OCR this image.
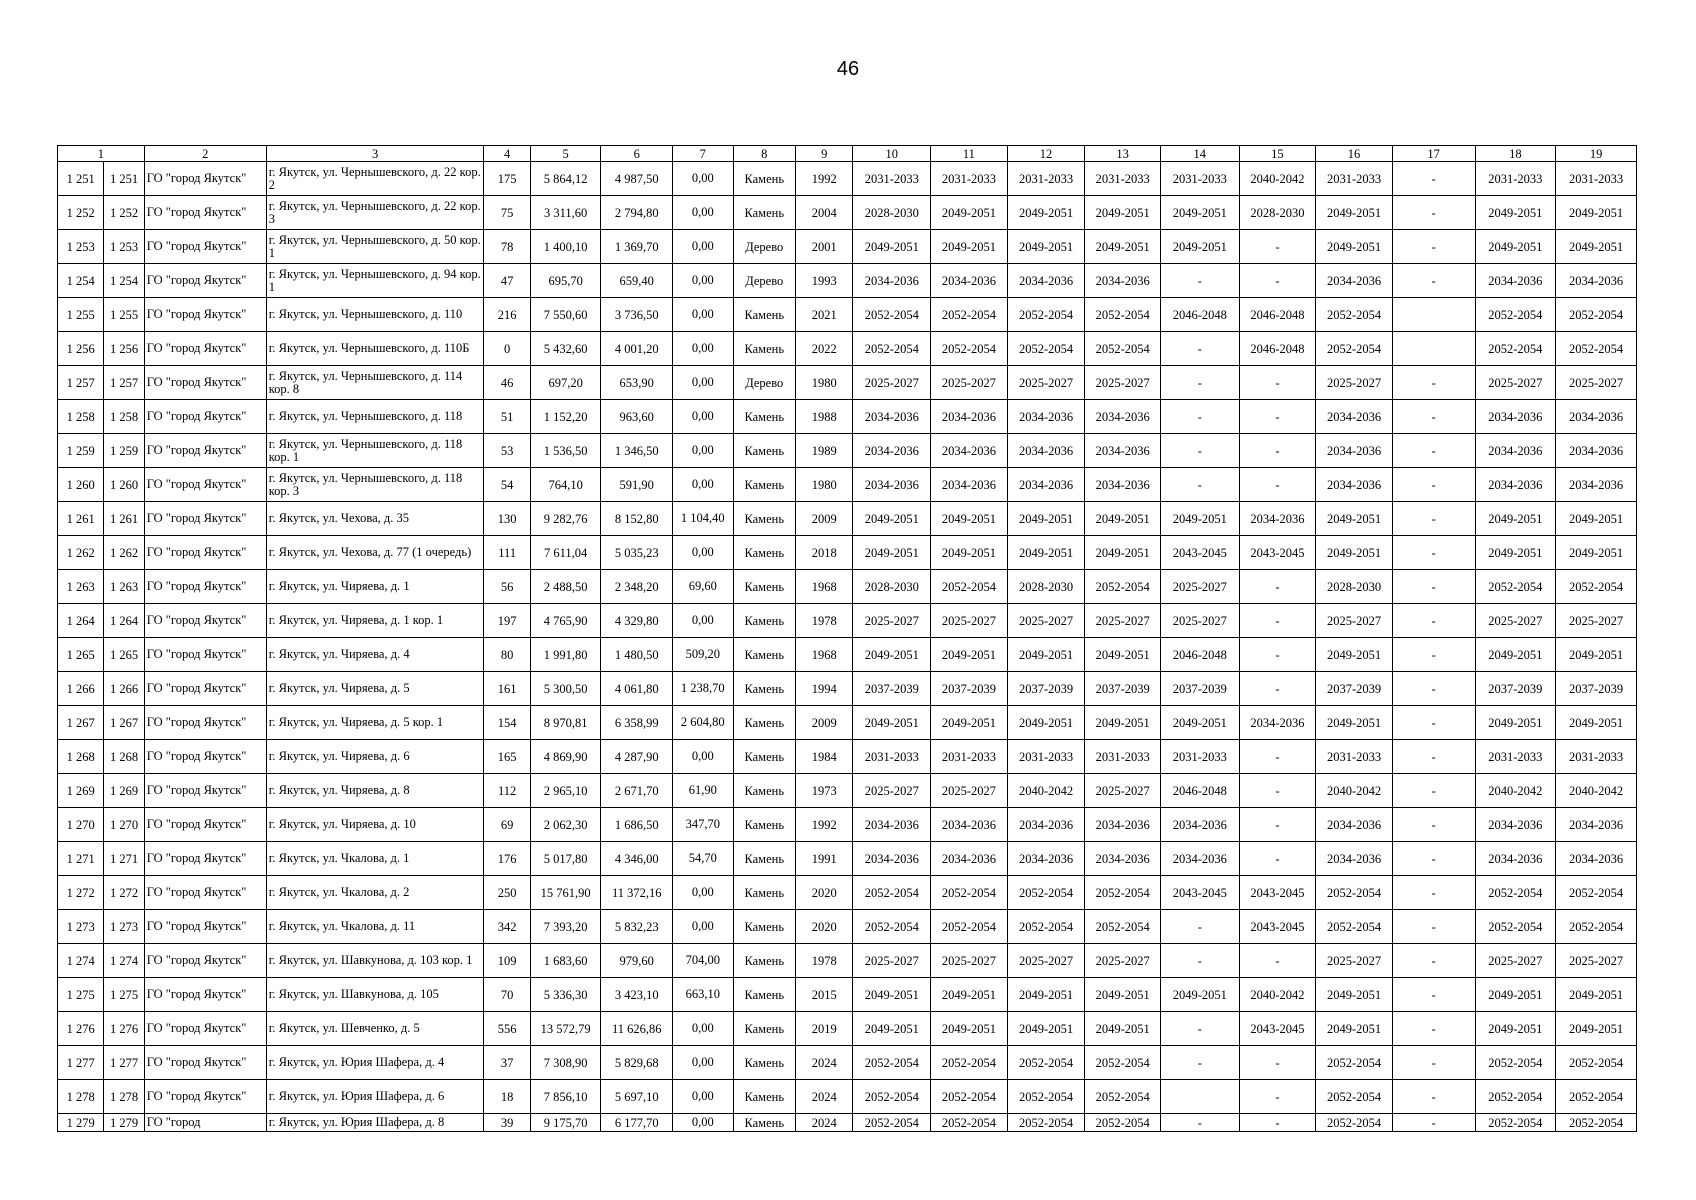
46
1		2	3	4	5	6	7	8	9	10	11	12	13	14	15	16	17	18	19
1 251	1 251	ГО "город Якутск"	г. Якутск, ул. Чернышевского, д. 22 кор. 2	175	5 864,12	4 987,50	0,00	Камень	1992	2031-2033	2031-2033	2031-2033	2031-2033	2031-2033	2040-2042	2031-2033	-	2031-2033	2031-2033
1 252	1 252	ГО "город Якутск"	г. Якутск, ул. Чернышевского, д. 22 кор. 3	75	3 311,60	2 794,80	0,00	Камень	2004	2028-2030	2049-2051	2049-2051	2049-2051	2049-2051	2028-2030	2049-2051	-	2049-2051	2049-2051
1 253	1 253	ГО "город Якутск"	г. Якутск, ул. Чернышевского, д. 50 кор. 1	78	1 400,10	1 369,70	0,00	Дерево	2001	2049-2051	2049-2051	2049-2051	2049-2051	2049-2051	-	2049-2051	-	2049-2051	2049-2051
1 254	1 254	ГО "город Якутск"	г. Якутск, ул. Чернышевского, д. 94 кор. 1	47	695,70	659,40	0,00	Дерево	1993	2034-2036	2034-2036	2034-2036	2034-2036	-	-	2034-2036	-	2034-2036	2034-2036
1 255	1 255	ГО "город Якутск"	г. Якутск, ул. Чернышевского, д. 110	216	7 550,60	3 736,50	0,00	Камень	2021	2052-2054	2052-2054	2052-2054	2052-2054	2046-2048	2046-2048	2052-2054		2052-2054	2052-2054
1 256	1 256	ГО "город Якутск"	г. Якутск, ул. Чернышевского, д. 110Б	0	5 432,60	4 001,20	0,00	Камень	2022	2052-2054	2052-2054	2052-2054	2052-2054	-	2046-2048	2052-2054		2052-2054	2052-2054
1 257	1 257	ГО "город Якутск"	г. Якутск, ул. Чернышевского, д. 114 кор. 8	46	697,20	653,90	0,00	Дерево	1980	2025-2027	2025-2027	2025-2027	2025-2027	-	-	2025-2027	-	2025-2027	2025-2027
1 258	1 258	ГО "город Якутск"	г. Якутск, ул. Чернышевского, д. 118	51	1 152,20	963,60	0,00	Камень	1988	2034-2036	2034-2036	2034-2036	2034-2036	-	-	2034-2036	-	2034-2036	2034-2036
1 259	1 259	ГО "город Якутск"	г. Якутск, ул. Чернышевского, д. 118 кор. 1	53	1 536,50	1 346,50	0,00	Камень	1989	2034-2036	2034-2036	2034-2036	2034-2036	-	-	2034-2036	-	2034-2036	2034-2036
1 260	1 260	ГО "город Якутск"	г. Якутск, ул. Чернышевского, д. 118 кор. 3	54	764,10	591,90	0,00	Камень	1980	2034-2036	2034-2036	2034-2036	2034-2036	-	-	2034-2036	-	2034-2036	2034-2036
1 261	1 261	ГО "город Якутск"	г. Якутск, ул. Чехова, д. 35	130	9 282,76	8 152,80	1 104,40	Камень	2009	2049-2051	2049-2051	2049-2051	2049-2051	2049-2051	2034-2036	2049-2051	-	2049-2051	2049-2051
1 262	1 262	ГО "город Якутск"	г. Якутск, ул. Чехова, д. 77 (1 очередь)	111	7 611,04	5 035,23	0,00	Камень	2018	2049-2051	2049-2051	2049-2051	2049-2051	2043-2045	2043-2045	2049-2051	-	2049-2051	2049-2051
1 263	1 263	ГО "город Якутск"	г. Якутск, ул. Чиряева, д. 1	56	2 488,50	2 348,20	69,60	Камень	1968	2028-2030	2052-2054	2028-2030	2052-2054	2025-2027	-	2028-2030	-	2052-2054	2052-2054
1 264	1 264	ГО "город Якутск"	г. Якутск, ул. Чиряева, д. 1 кор. 1	197	4 765,90	4 329,80	0,00	Камень	1978	2025-2027	2025-2027	2025-2027	2025-2027	2025-2027	-	2025-2027	-	2025-2027	2025-2027
1 265	1 265	ГО "город Якутск"	г. Якутск, ул. Чиряева, д. 4	80	1 991,80	1 480,50	509,20	Камень	1968	2049-2051	2049-2051	2049-2051	2049-2051	2046-2048	-	2049-2051	-	2049-2051	2049-2051
1 266	1 266	ГО "город Якутск"	г. Якутск, ул. Чиряева, д. 5	161	5 300,50	4 061,80	1 238,70	Камень	1994	2037-2039	2037-2039	2037-2039	2037-2039	2037-2039	-	2037-2039	-	2037-2039	2037-2039
1 267	1 267	ГО "город Якутск"	г. Якутск, ул. Чиряева, д. 5 кор. 1	154	8 970,81	6 358,99	2 604,80	Камень	2009	2049-2051	2049-2051	2049-2051	2049-2051	2049-2051	2034-2036	2049-2051	-	2049-2051	2049-2051
1 268	1 268	ГО "город Якутск"	г. Якутск, ул. Чиряева, д. 6	165	4 869,90	4 287,90	0,00	Камень	1984	2031-2033	2031-2033	2031-2033	2031-2033	2031-2033	-	2031-2033	-	2031-2033	2031-2033
1 269	1 269	ГО "город Якутск"	г. Якутск, ул. Чиряева, д. 8	112	2 965,10	2 671,70	61,90	Камень	1973	2025-2027	2025-2027	2040-2042	2025-2027	2046-2048	-	2040-2042	-	2040-2042	2040-2042
1 270	1 270	ГО "город Якутск"	г. Якутск, ул. Чиряева, д. 10	69	2 062,30	1 686,50	347,70	Камень	1992	2034-2036	2034-2036	2034-2036	2034-2036	2034-2036	-	2034-2036	-	2034-2036	2034-2036
1 271	1 271	ГО "город Якутск"	г. Якутск, ул. Чкалова, д. 1	176	5 017,80	4 346,00	54,70	Камень	1991	2034-2036	2034-2036	2034-2036	2034-2036	2034-2036	-	2034-2036	-	2034-2036	2034-2036
1 272	1 272	ГО "город Якутск"	г. Якутск, ул. Чкалова, д. 2	250	15 761,90	11 372,16	0,00	Камень	2020	2052-2054	2052-2054	2052-2054	2052-2054	2043-2045	2043-2045	2052-2054	-	2052-2054	2052-2054
1 273	1 273	ГО "город Якутск"	г. Якутск, ул. Чкалова, д. 11	342	7 393,20	5 832,23	0,00	Камень	2020	2052-2054	2052-2054	2052-2054	2052-2054	-	2043-2045	2052-2054	-	2052-2054	2052-2054
1 274	1 274	ГО "город Якутск"	г. Якутск, ул. Шавкунова, д. 103 кор. 1	109	1 683,60	979,60	704,00	Камень	1978	2025-2027	2025-2027	2025-2027	2025-2027	-	-	2025-2027	-	2025-2027	2025-2027
1 275	1 275	ГО "город Якутск"	г. Якутск, ул. Шавкунова, д. 105	70	5 336,30	3 423,10	663,10	Камень	2015	2049-2051	2049-2051	2049-2051	2049-2051	2049-2051	2040-2042	2049-2051	-	2049-2051	2049-2051
1 276	1 276	ГО "город Якутск"	г. Якутск, ул. Шевченко, д. 5	556	13 572,79	11 626,86	0,00	Камень	2019	2049-2051	2049-2051	2049-2051	2049-2051	-	2043-2045	2049-2051	-	2049-2051	2049-2051
1 277	1 277	ГО "город Якутск"	г. Якутск, ул. Юрия Шафера, д. 4	37	7 308,90	5 829,68	0,00	Камень	2024	2052-2054	2052-2054	2052-2054	2052-2054	-	-	2052-2054	-	2052-2054	2052-2054
1 278	1 278	ГО "город Якутск"	г. Якутск, ул. Юрия Шафера, д. 6	18	7 856,10	5 697,10	0,00	Камень	2024	2052-2054	2052-2054	2052-2054	2052-2054		-	2052-2054	-	2052-2054	2052-2054
1 279	1 279	ГО "город	г. Якутск, ул. Юрия Шафера, д. 8	39	9 175,70	6 177,70	0,00	Камень	2024	2052-2054	2052-2054	2052-2054	2052-2054	-	-	2052-2054	-	2052-2054	2052-2054
